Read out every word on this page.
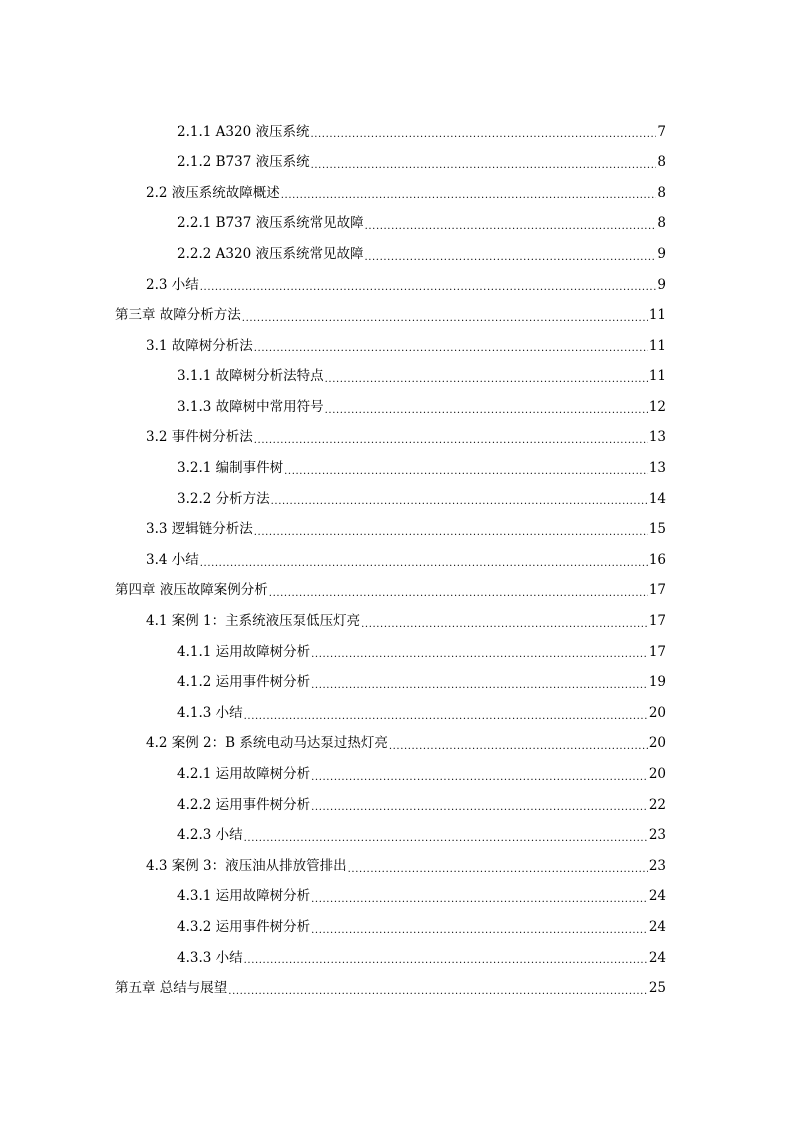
2.1.1 A320 液压系统 .....	7
2.1.2 B737 液压系统 .....	8
2.2 液压系统故障概述 .....	8
2.2.1 B737 液压系统常见故障 .....	8
2.2.2 A320 液压系统常见故障 .....	9
2.3 小结 .....	9
第三章 故障分析方法 .....	11
3.1 故障树分析法 .....	11
3.1.1 故障树分析法特点 .....	11
3.1.3 故障树中常用符号 .....	12
3.2 事件树分析法 .....	13
3.2.1 编制事件树 .....	13
3.2.2 分析方法 .....	14
3.3 逻辑链分析法 .....	15
3.4 小结 .....	16
第四章 液压故障案例分析 .....	17
4.1 案例 1：主系统液压泵低压灯亮 .....	17
4.1.1 运用故障树分析 .....	17
4.1.2 运用事件树分析 .....	19
4.1.3 小结 .....	20
4.2 案例 2：B 系统电动马达泵过热灯亮 .....	20
4.2.1 运用故障树分析 .....	20
4.2.2 运用事件树分析 .....	22
4.2.3 小结 .....	23
4.3 案例 3：液压油从排放管排出 .....	23
4.3.1 运用故障树分析 .....	24
4.3.2 运用事件树分析 .....	24
4.3.3 小结 .....	24
第五章 总结与展望 .....	25
